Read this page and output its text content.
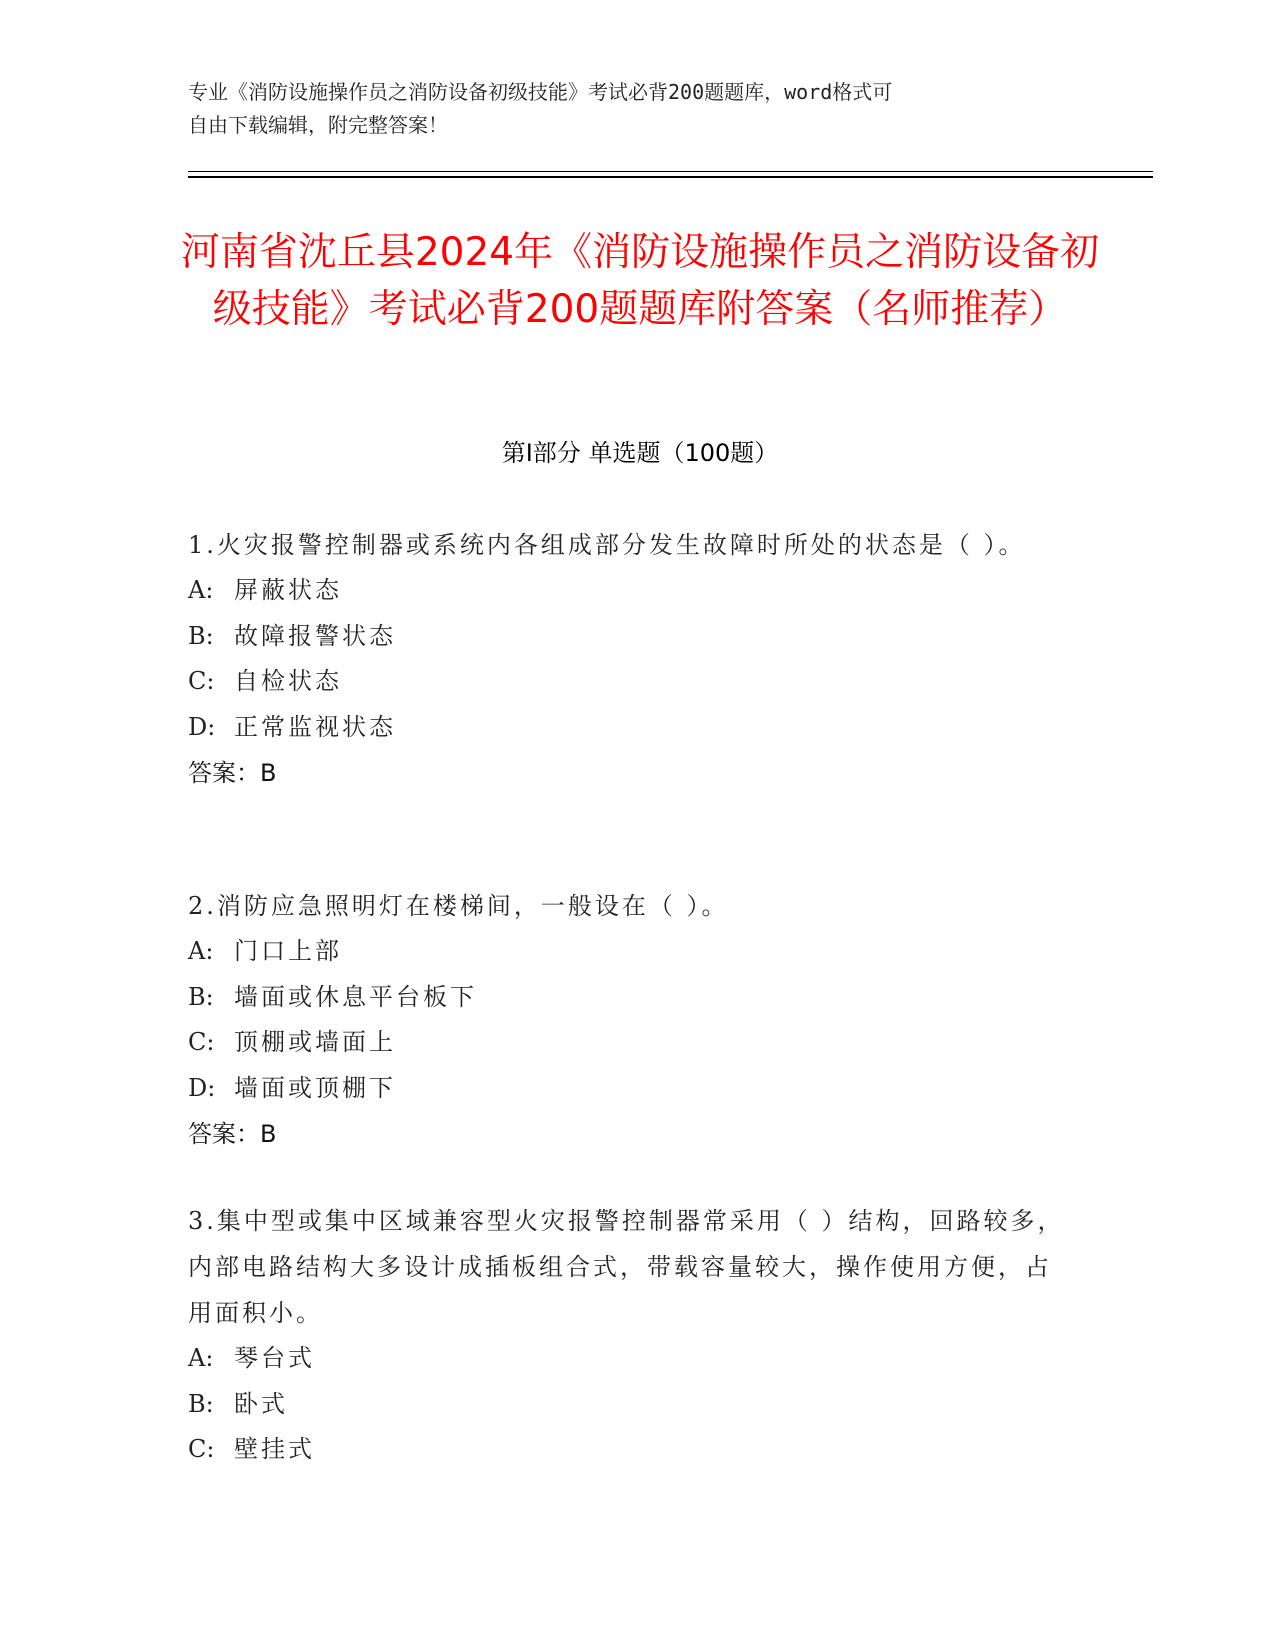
专业《消防设施操作员之消防设备初级技能》考试必背200题题库，word格式可

自由下载编辑，附完整答案！

河南省沈丘县2024年《消防设施操作员之消防设备初级技能》考试必背200题题库附答案（名师推荐）
第I部分 单选题（100题）

1.火灾报警控制器或系统内各组成部分发生故障时所处的状态是（ ）。

A: 屏蔽状态

B: 故障报警状态

C: 自检状态

D: 正常监视状态

答案：B

2.消防应急照明灯在楼梯间，一般设在（ ）。

A: 门口上部

B: 墙面或休息平台板下

C: 顶棚或墙面上

D: 墙面或顶棚下

答案：B

3.集中型或集中区域兼容型火灾报警控制器常采用（ ）结构，回路较多，内部电路结构大多设计成插板组合式，带载容量较大，操作使用方便，占用面积小。

A: 琴台式

B: 卧式

C: 壁挂式
